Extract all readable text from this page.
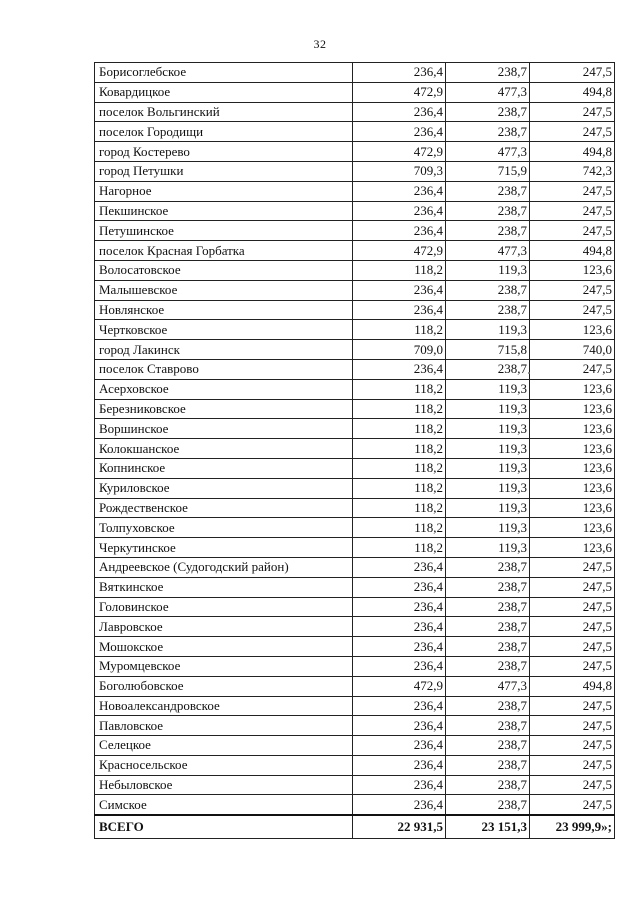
32
Борисоглебское	236,4	238,7	247,5
Ковардицкое	472,9	477,3	494,8
поселок Вольгинский	236,4	238,7	247,5
поселок Городищи	236,4	238,7	247,5
город Костерево	472,9	477,3	494,8
город Петушки	709,3	715,9	742,3
Нагорное	236,4	238,7	247,5
Пекшинское	236,4	238,7	247,5
Петушинское	236,4	238,7	247,5
поселок Красная Горбатка	472,9	477,3	494,8
Волосатовское	118,2	119,3	123,6
Малышевское	236,4	238,7	247,5
Новлянское	236,4	238,7	247,5
Чертковское	118,2	119,3	123,6
город Лакинск	709,0	715,8	740,0
поселок Ставрово	236,4	238,7	247,5
Асерховское	118,2	119,3	123,6
Березниковское	118,2	119,3	123,6
Воршинское	118,2	119,3	123,6
Колокшанское	118,2	119,3	123,6
Копнинское	118,2	119,3	123,6
Куриловское	118,2	119,3	123,6
Рождественское	118,2	119,3	123,6
Толпуховское	118,2	119,3	123,6
Черкутинское	118,2	119,3	123,6
Андреевское (Судогодский район)	236,4	238,7	247,5
Вяткинское	236,4	238,7	247,5
Головинское	236,4	238,7	247,5
Лавровское	236,4	238,7	247,5
Мошокское	236,4	238,7	247,5
Муромцевское	236,4	238,7	247,5
Боголюбовское	472,9	477,3	494,8
Новоалександровское	236,4	238,7	247,5
Павловское	236,4	238,7	247,5
Селецкое	236,4	238,7	247,5
Красносельское	236,4	238,7	247,5
Небыловское	236,4	238,7	247,5
Симское	236,4	238,7	247,5
ВСЕГО	22 931,5	23 151,3	23 999,9»;
